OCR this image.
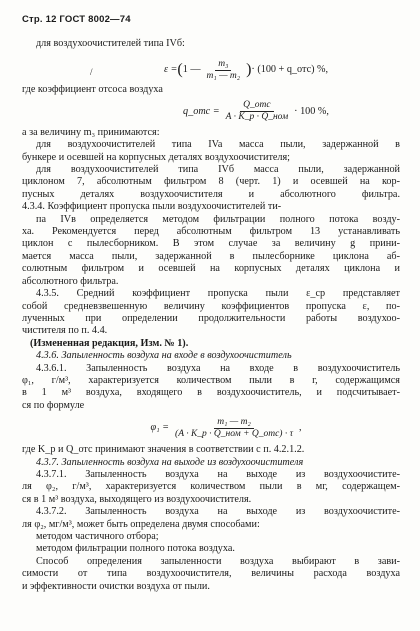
Стр. 12 ГОСТ 8002—74
для воздухоочистителей типа IVб:
/	ε = ( 1 — $\frac{\text{m₃}}{\text{m₁ — m₂}}$ ) · (100 + q_отс) %,
где коэффициент отсоса воздуха
q_отс = $\frac{\text{Q\_отс}}{\text{A · K\_р · Q\_ном}} \cdot 100$ %,
а за величину m₃ принимаются:
для воздухоочистителей типа IVa масса пыли, задержанной в
бункере и осевшей на корпусных деталях воздухоочистителя;
для воздухоочистителей типа IVб масса пыли, задержанной
циклоном 7, абсолютным фильтром 8 (черт. 1) и осевшей на кор-
пусных деталях воздухоочистителя и абсолютного фильтра.
4.3.4. Коэффициент пропуска пыли воздухоочистителей ти-
па IVв определяется методом фильтрации полного потока возду-
ха. Рекомендуется перед абсолютным фильтром 13 устанавливать
циклон с пылесборником. В этом случае за величину g прини-
мается масса пыли, задержанной в пылесборнике циклона аб-
солютным фильтром и осевшей на корпусных деталях циклона и
абсолютного фильтра.
4.3.5. Средний коэффициент пропуска пыли ε_ср представляет
собой средневзвешенную величину коэффициентов пропуска ε, по-
лученных при определении продолжительности работы воздухоо-
чистителя по п. 4.4.
(Измененная редакция, Изм. № 1).
4.3.6. Запыленность воздуха на входе в воздухоочиститель
4.3.6.1. Запыленность воздуха на входе в воздухоочиститель
φ₁, г/м³, характеризуется количеством пыли в г, содержащимся
в 1 м³ воздуха, входящего в воздухоочиститель, и подсчитывает-
ся по формуле
$\varphi_1 = \frac{\text{m₁ — m₂}}{\text{(A · K\_р · Q\_ном + Q\_отс) · τ}}$ ,
где K_р и Q_отс принимают значения в соответствии с п. 4.2.1.2.
4.3.7. Запыленность воздуха на выходе из воздухоочистителя
4.3.7.1. Запыленность воздуха на выходе из воздухоочистите-
ля φ₂, г/м³, характеризуется количеством пыли в мг, содержащем-
ся в 1 м³ воздуха, выходящего из воздухоочистителя.
4.3.7.2. Запыленность воздуха на выходе из воздухоочистите-
ля φ₂, мг/м³, может быть определена двумя способами:
методом частичного отбора;
методом фильтрации полного потока воздуха.
Способ определения запыленности воздуха выбирают в зави-
симости от типа воздухоочистителя, величины расхода воздуха
и эффективности очистки воздуха от пыли.
